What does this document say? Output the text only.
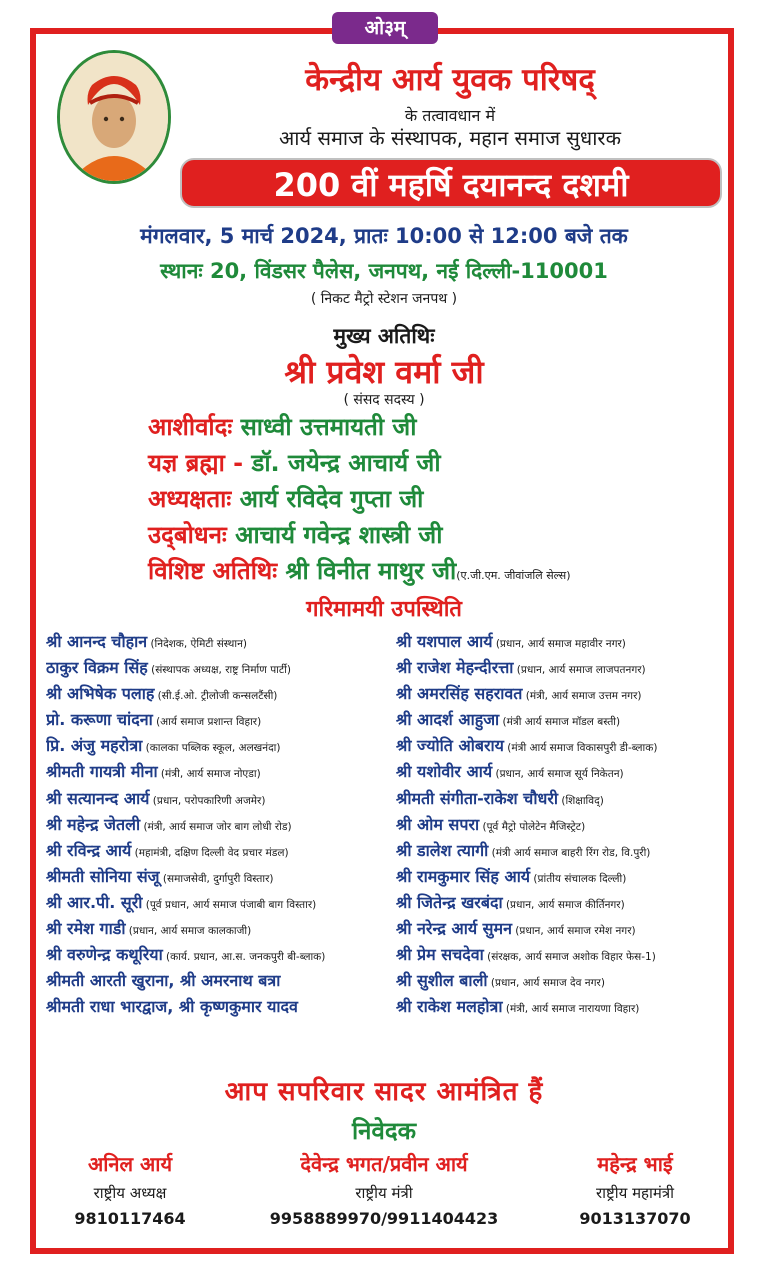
ओ३म्
केन्द्रीय आर्य युवक परिषद्
के तत्वावधान में
आर्य समाज के संस्थापक, महान समाज सुधारक
200 वीं महर्षि दयानन्द दशमी
मंगलवार, 5 मार्च 2024, प्रातः 10:00 से 12:00 बजे तक
स्थानः 20, विंडसर पैलेस, जनपथ, नई दिल्ली-110001
( निकट मैट्रो स्टेशन जनपथ )
मुख्य अतिथिः
श्री प्रवेश वर्मा जी
( संसद सदस्य )
आशीर्वादः साध्वी उत्तमायती जी
यज्ञ ब्रह्मा - डॉ. जयेन्द्र आचार्य जी
अध्यक्षताः आर्य रविदेव गुप्ता जी
उद्‌बोधनः आचार्य गवेन्द्र शास्त्री जी
विशिष्ट अतिथिः श्री विनीत माथुर जी(ए.जी.एम. जीवांजलि सेल्स)
गरिमामयी उपस्थिति
श्री आनन्द चौहान (निदेशक, ऐमिटी संस्थान)
ठाकुर विक्रम सिंह (संस्थापक अध्यक्ष, राष्ट्र निर्माण पार्टी)
श्री अभिषेक पलाह (सी.ई.ओ. ट्रीलोजी कन्सलटैंसी)
प्रो. करूणा चांदना (आर्य समाज प्रशान्त विहार)
प्रि. अंजु महरोत्रा (कालका पब्लिक स्कूल, अलखनंदा)
श्रीमती गायत्री मीना (मंत्री, आर्य समाज नोएडा)
श्री सत्यानन्द आर्य (प्रधान, परोपकारिणी अजमेर)
श्री महेन्द्र जेतली (मंत्री, आर्य समाज जोर बाग लोधी रोड)
श्री रविन्द्र आर्य (महामंत्री, दक्षिण दिल्ली वेद प्रचार मंडल)
श्रीमती सोनिया संजू (समाजसेवी, दुर्गापुरी विस्तार)
श्री आर.पी. सूरी (पूर्व प्रधान, आर्य समाज पंजाबी बाग विस्तार)
श्री रमेश गाडी (प्रधान, आर्य समाज कालकाजी)
श्री वरुणेन्द्र कथूरिया (कार्य. प्रधान, आ.स. जनकपुरी बी-ब्लाक)
श्रीमती आरती खुराना, श्री अमरनाथ बत्रा
श्रीमती राधा भारद्वाज, श्री कृष्णकुमार यादव
श्री यशपाल आर्य (प्रधान, आर्य समाज महावीर नगर)
श्री राजेश मेहन्दीरत्ता (प्रधान, आर्य समाज लाजपतनगर)
श्री अमरसिंह सहरावत (मंत्री, आर्य समाज उत्तम नगर)
श्री आदर्श आहुजा (मंत्री आर्य समाज मॉडल बस्ती)
श्री ज्योति ओबराय (मंत्री आर्य समाज विकासपुरी डी-ब्लाक)
श्री यशोवीर आर्य (प्रधान, आर्य समाज सूर्य निकेतन)
श्रीमती संगीता-राकेश चौधरी (शिक्षाविद्)
श्री ओम सपरा (पूर्व मैट्रो पोलेटेन मैजिस्ट्रेट)
श्री डालेश त्यागी (मंत्री आर्य समाज बाहरी रिंग रोड, वि.पुरी)
श्री रामकुमार सिंह आर्य (प्रांतीय संचालक दिल्ली)
श्री जितेन्द्र खरबंदा (प्रधान, आर्य समाज कीर्तिनगर)
श्री नरेन्द्र आर्य सुमन (प्रधान, आर्य समाज रमेश नगर)
श्री प्रेम सचदेवा (संरक्षक, आर्य समाज अशोक विहार फेस-1)
श्री सुशील बाली (प्रधान, आर्य समाज देव नगर)
श्री राकेश मलहोत्रा (मंत्री, आर्य समाज नारायणा विहार)
आप सपरिवार सादर आमंत्रित हैं
निवेदक
अनिल आर्य
राष्ट्रीय अध्यक्ष
9810117464
देवेन्द्र भगत/प्रवीन आर्य
राष्ट्रीय मंत्री
9958889970/9911404423
महेन्द्र भाई
राष्ट्रीय महामंत्री
9013137070
